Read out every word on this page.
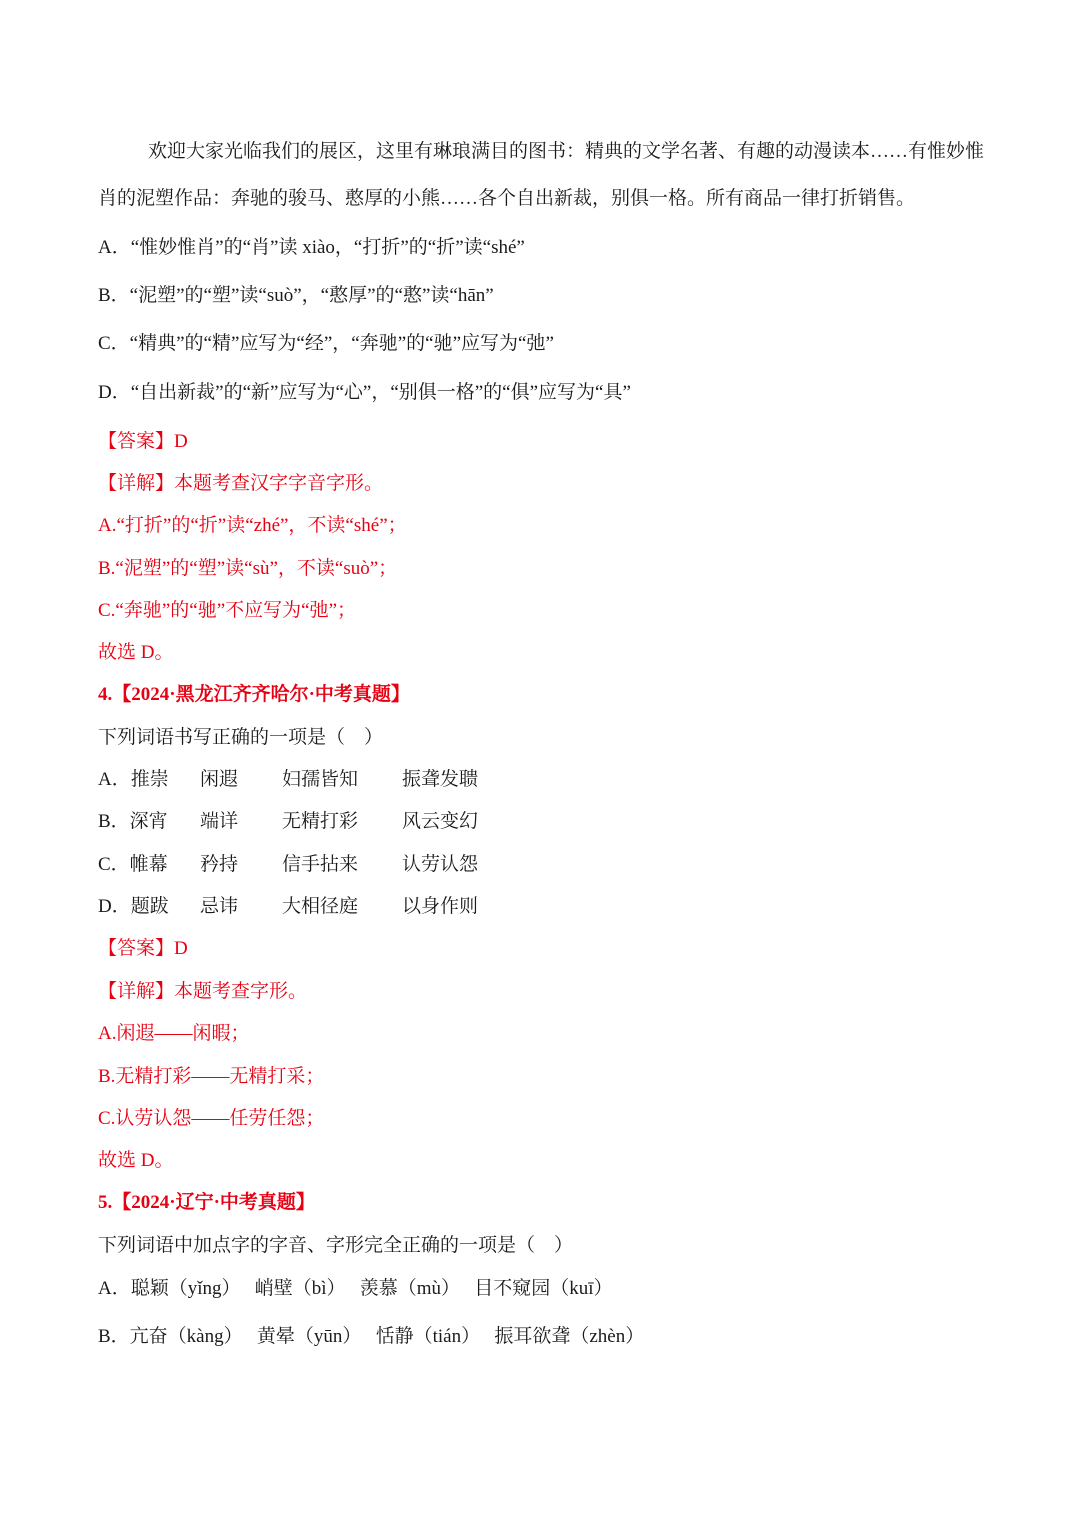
欢迎大家光临我们的展区，这里有琳琅满目的图书：精典的文学名著、有趣的动漫读本……有惟妙惟
肖的泥塑作品：奔驰的骏马、憨厚的小熊……各个自出新裁，别俱一格。所有商品一律打折销售。
A．“惟妙惟肖”的“肖”读 xiào，“打折”的“折”读“shé”
B．“泥塑”的“塑”读“suò”，“憨厚”的“憨”读“hān”
C．“精典”的“精”应写为“经”，“奔驰”的“驰”应写为“弛”
D．“自出新裁”的“新”应写为“心”，“别俱一格”的“俱”应写为“具”
【答案】D
【详解】本题考查汉字字音字形。
A.“打折”的“折”读“zhé”，不读“shé”；
B.“泥塑”的“塑”读“sù”，不读“suò”；
C.“奔驰”的“驰”不应写为“弛”；
故选 D。
4.【2024·黑龙江齐齐哈尔·中考真题】
下列词语书写正确的一项是（　）
A．推崇 闲遐 妇孺皆知 振聋发聩
B．深宵 端详 无精打彩 风云变幻
C．帷幕 矜持 信手拈来 认劳认怨
D．题跋 忌讳 大相径庭 以身作则
【答案】D
【详解】本题考查字形。
A.闲遐——闲暇；
B.无精打彩——无精打采；
C.认劳认怨——任劳任怨；
故选 D。
5.【2024·辽宁·中考真题】
下列词语中加点字的字音、字形完全正确的一项是（　）
A．聪颖（yǐng）　 峭壁（bì）　 羡慕（mù）　 目不窥园（kuī）
B．亢奋（kàng）　 黄晕（yūn）　 恬静（tián）　 振耳欲聋（zhèn）
